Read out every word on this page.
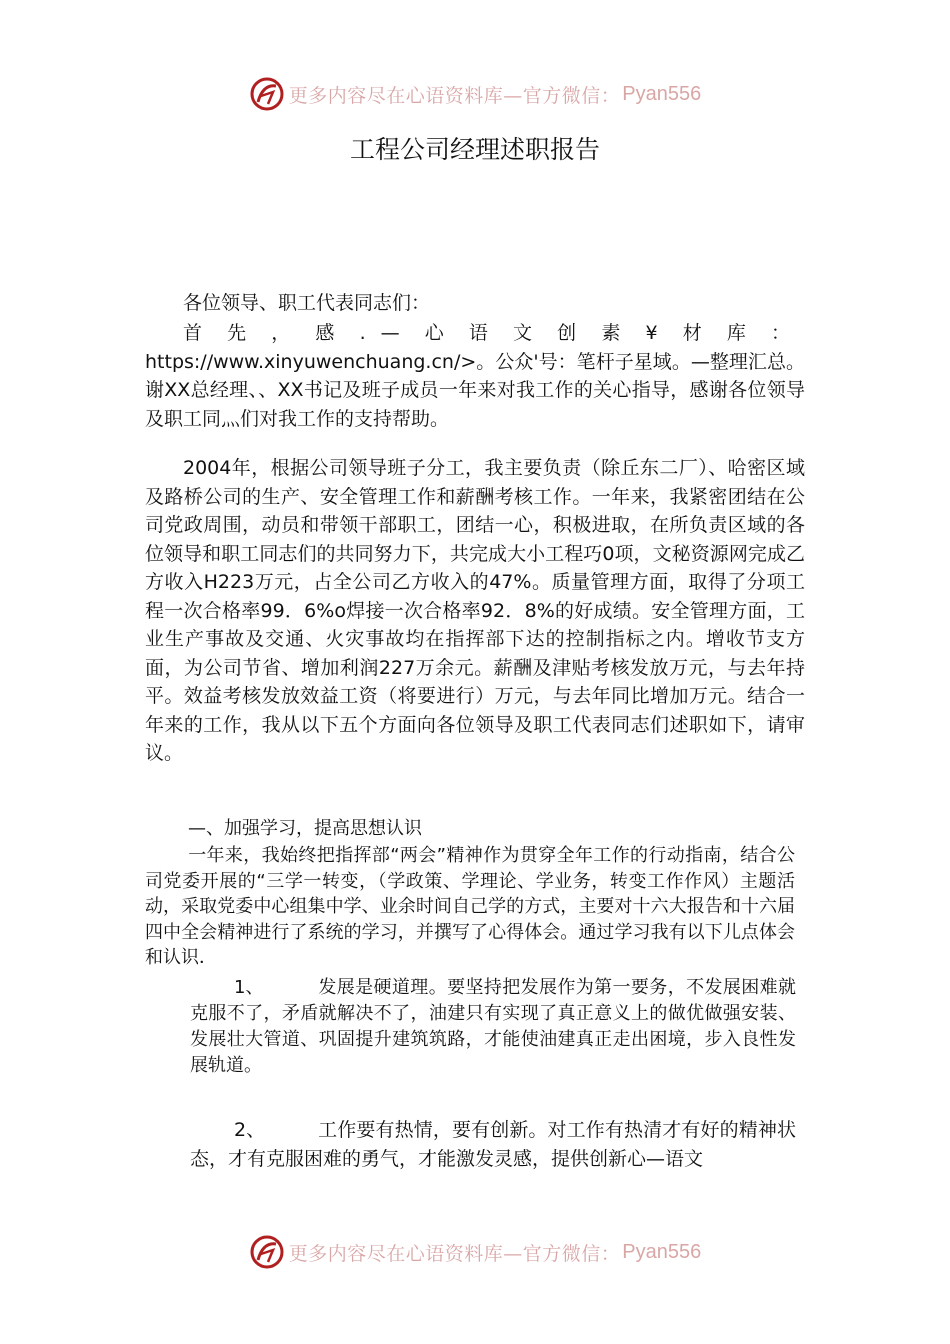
更多内容尽在心语资料库—官方微信： Pyan556
工程公司经理述职报告

各位领导、职工代表同志们：

首先，感.—心语文创素¥材库：https://www.xinyuwenchuang.cn/>。公众'号：笔杆子星域。—整理汇总。谢XX总经理、、XX书记及班子成员一年来对我工作的关心指导，感谢各位领导及职工同灬们对我工作的支持帮助。

2004年，根据公司领导班子分工，我主要负责（除丘东二厂）、哈密区域及路桥公司的生产、安全管理工作和薪酬考核工作。一年来，我紧密团结在公司党政周围，动员和带领干部职工，团结一心，积极进取，在所负责区域的各位领导和职工同志们的共同努力下，共完成大小工程巧0项，文秘资源网完成乙方收入H223万元，占全公司乙方收入的47%。质量管理方面，取得了分项工程一次合格率99．6%o焊接一次合格率92．8%的好成绩。安全管理方面，工业生产事故及交通、火灾事故均在指挥部下达的控制指标之内。增收节支方面，为公司节省、增加利润227万余元。薪酬及津贴考核发放万元，与去年持平。效益考核发放效益工资（将要进行）万元，与去年同比增加万元。结合一年来的工作，我从以下五个方面向各位领导及职工代表同志们述职如下，请审议。

—、加强学习，提高思想认识

一年来，我始终把指挥部“两会”精神作为贯穿全年工作的行动指南，结合公司党委开展的“三学一转变，（学政策、学理论、学业务，转变工作作风）主题活动，采取党委中心组集中学、业余时间自己学的方式，主要对十六大报告和十六届四中全会精神进行了系统的学习，并撰写了心得体会。通过学习我有以下儿点体会和认识．

1、	发展是硬道理。要坚持把发展作为第一要务，不发展困难就克服不了，矛盾就解决不了，油建只有实现了真正意义上的做优做强安装、发展壮大管道、巩固提升建筑筑路，才能使油建真正走出困境，步入良性发展轨道。

2、	工作要有热情，要有创新。对工作有热清才有好的精神状态，才有克服困难的勇气，才能激发灵感，提供创新心—语文

更多内容尽在心语资料库—官方微信： Pyan556
